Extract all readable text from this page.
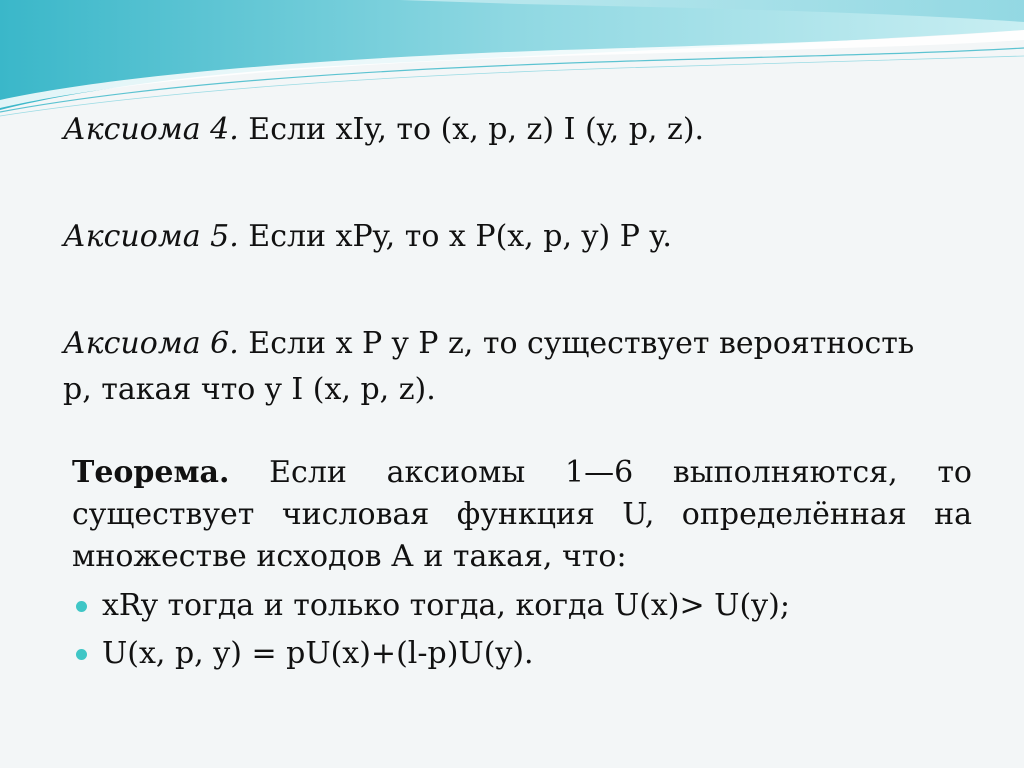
Аксиома 4. Если xIy, то (x, p, z) I (y, p, z).
Аксиома 5. Если xPy, то x P(x, p, y) P y.
Аксиома 6. Если x P y P z, то существует вероятность
p, такая что y I (x, p, z).
Теорема. Если аксиомы 1—6 выполняются, то существует числовая функция U, определённая на множестве исходов А и такая, что:
xRy тогда и только тогда, когда U(x)> U(y);
U(x, p, y) = pU(x)+(l-p)U(y).
